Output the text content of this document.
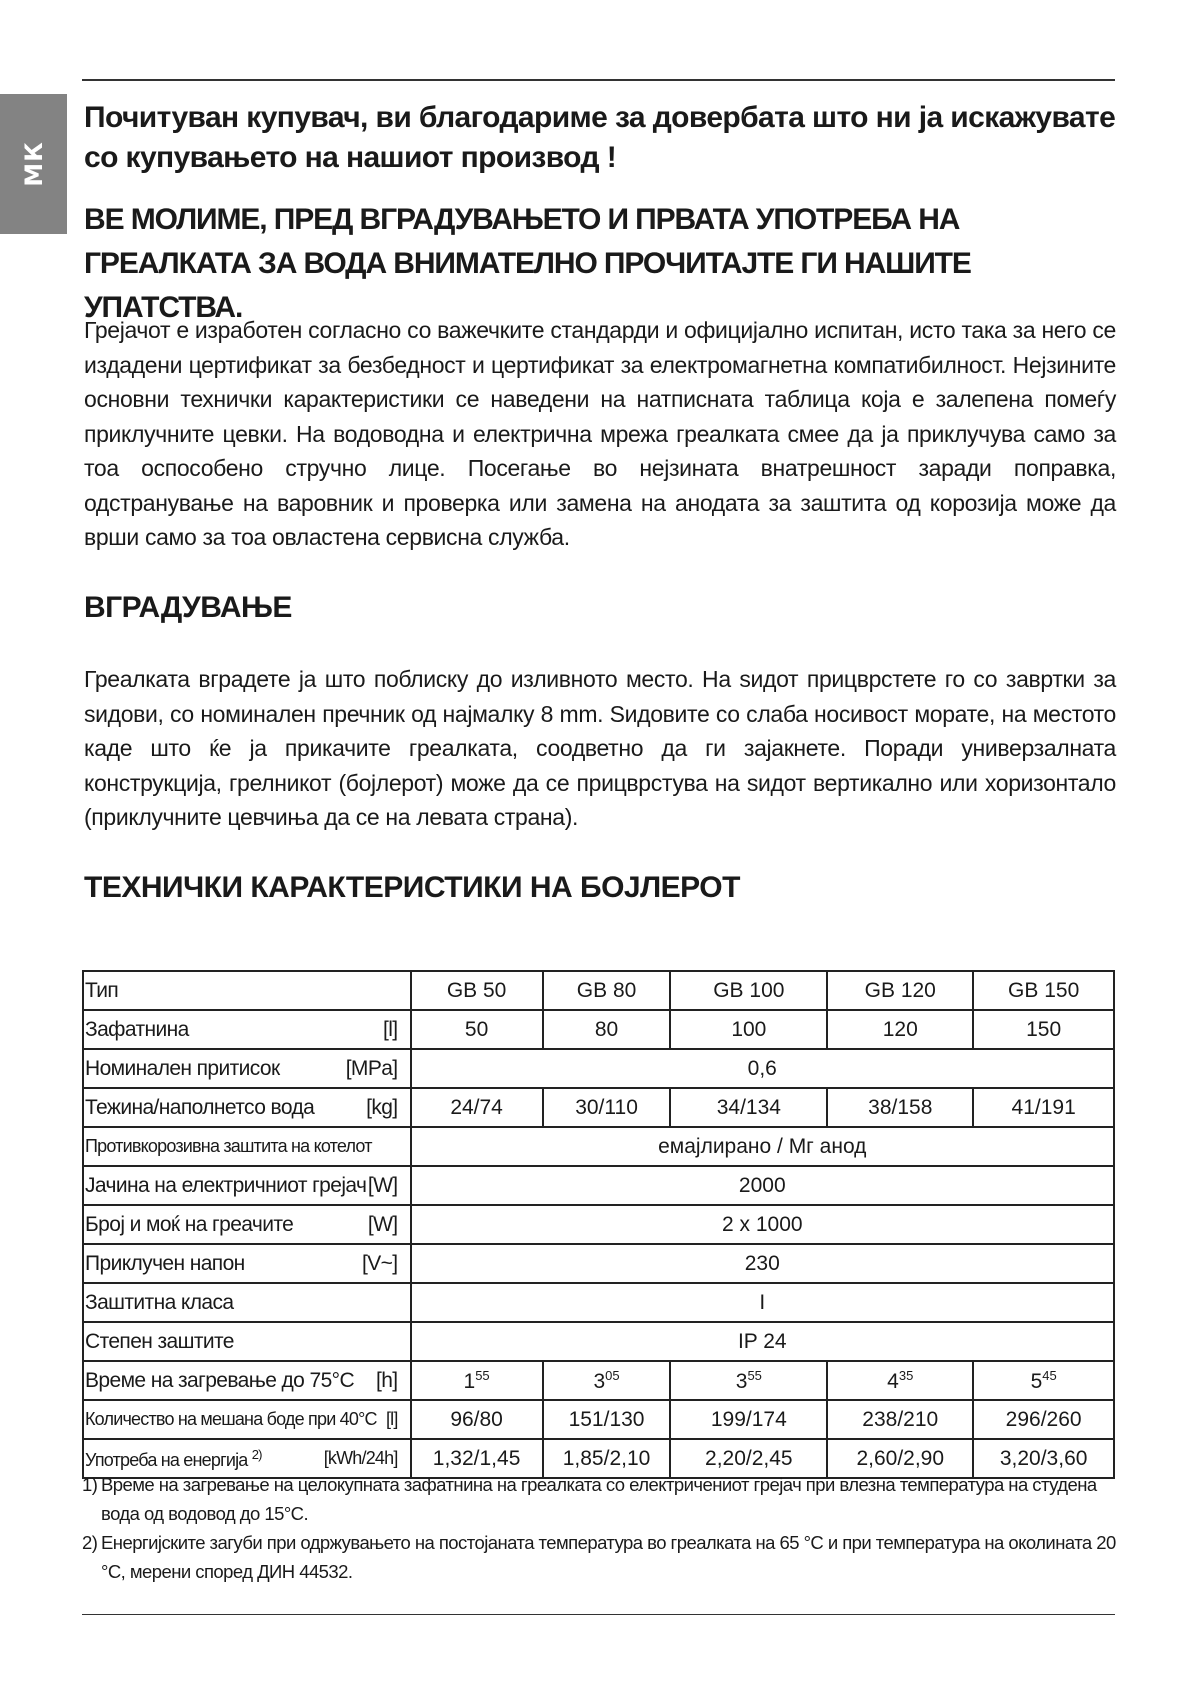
МК
Почитуван купувач, ви благодариме за довербата што ни ја искажувате со купувањето на нашиот производ !
ВЕ МОЛИМЕ, ПРЕД ВГРАДУВАЊЕТО И ПРВАТА УПОТРЕБА НА ГРЕАЛКАТА ЗА ВОДА ВНИМАТЕЛНО ПРОЧИТАЈТЕ ГИ НАШИТЕ УПАТСТВА.

Грејачот е изработен согласно со важечките стандарди и официјално испитан, исто така за него се издадени цертификат за безбедност и цертификат за електромагнетна компатибилност. Нејзините основни технички карактеристики се наведени на натписната таблица која е залепена помеѓу приклучните цевки. На водоводна и електрична мрежа греалката смее да ја приклучува само за тоа оспособено стручно лице. Посегање во нејзината внатрешност заради поправка, одстранување на варовник и проверка или замена на анодата за заштита од корозија може да врши само за тоа овластена сервисна служба.

ВГРАДУВАЊЕ

Греалката вградете ја што поблиску до изливното место. На ѕидот прицврстете го со завртки за ѕидови, со номинален пречник од најмалку 8 mm. Ѕидовите со слаба носивост морате, на местото каде што ќе ја прикачите греалката, соодветно да ги зајакнете. Поради универзалната конструкција, грелникот (бојлерот) може да се прицврстува на ѕидот вертикално или хоризонтало (приклучните цевчиња да се на левата страна).

ТЕХНИЧКИ КАРАКТЕРИСТИКИ НА БОЈЛЕРОТ
Тип	GB 50	GB 80	GB 100	GB 120	GB 150

Зафатнина [l]	50	80	100	120	150

Номинален притисок [MPa]	0,6				

Тежина/наполнетсо вода [kg]	24/74	30/110	34/134	38/158	41/191

Противкорозивна заштита на котелот	емајлирано / Мг анод				

Јачина на електричниот грејач [W]	2000				

Број и моќ на греачите [W]	2 x 1000				

Приклучен напон [V~]	230				

Заштитна класа	I				

Степен заштите	IP 24				

Време на загревање до 75°C [h]	$1^{55}$	$3^{05}$	$3^{55}$	$4^{35}$	$5^{45}$

Количество на мешана боде при 40°C [l]	96/80	151/130	199/174	238/210	296/260

Употреба на енергија $^{2)}$ [kWh/24h]	1,32/1,45	1,85/2,10	2,20/2,45	2,60/2,90	3,20/3,60
1) Време на загревање на целокупната зафатнина на греалката со електричениот грејач при влезна температура на студена вода од водовод до 15°C.
2) Енергијските загуби при одржувањето на постојаната температура во греалката на 65 °C и при температура на околината 20 °C, мерени според ДИН 44532.
